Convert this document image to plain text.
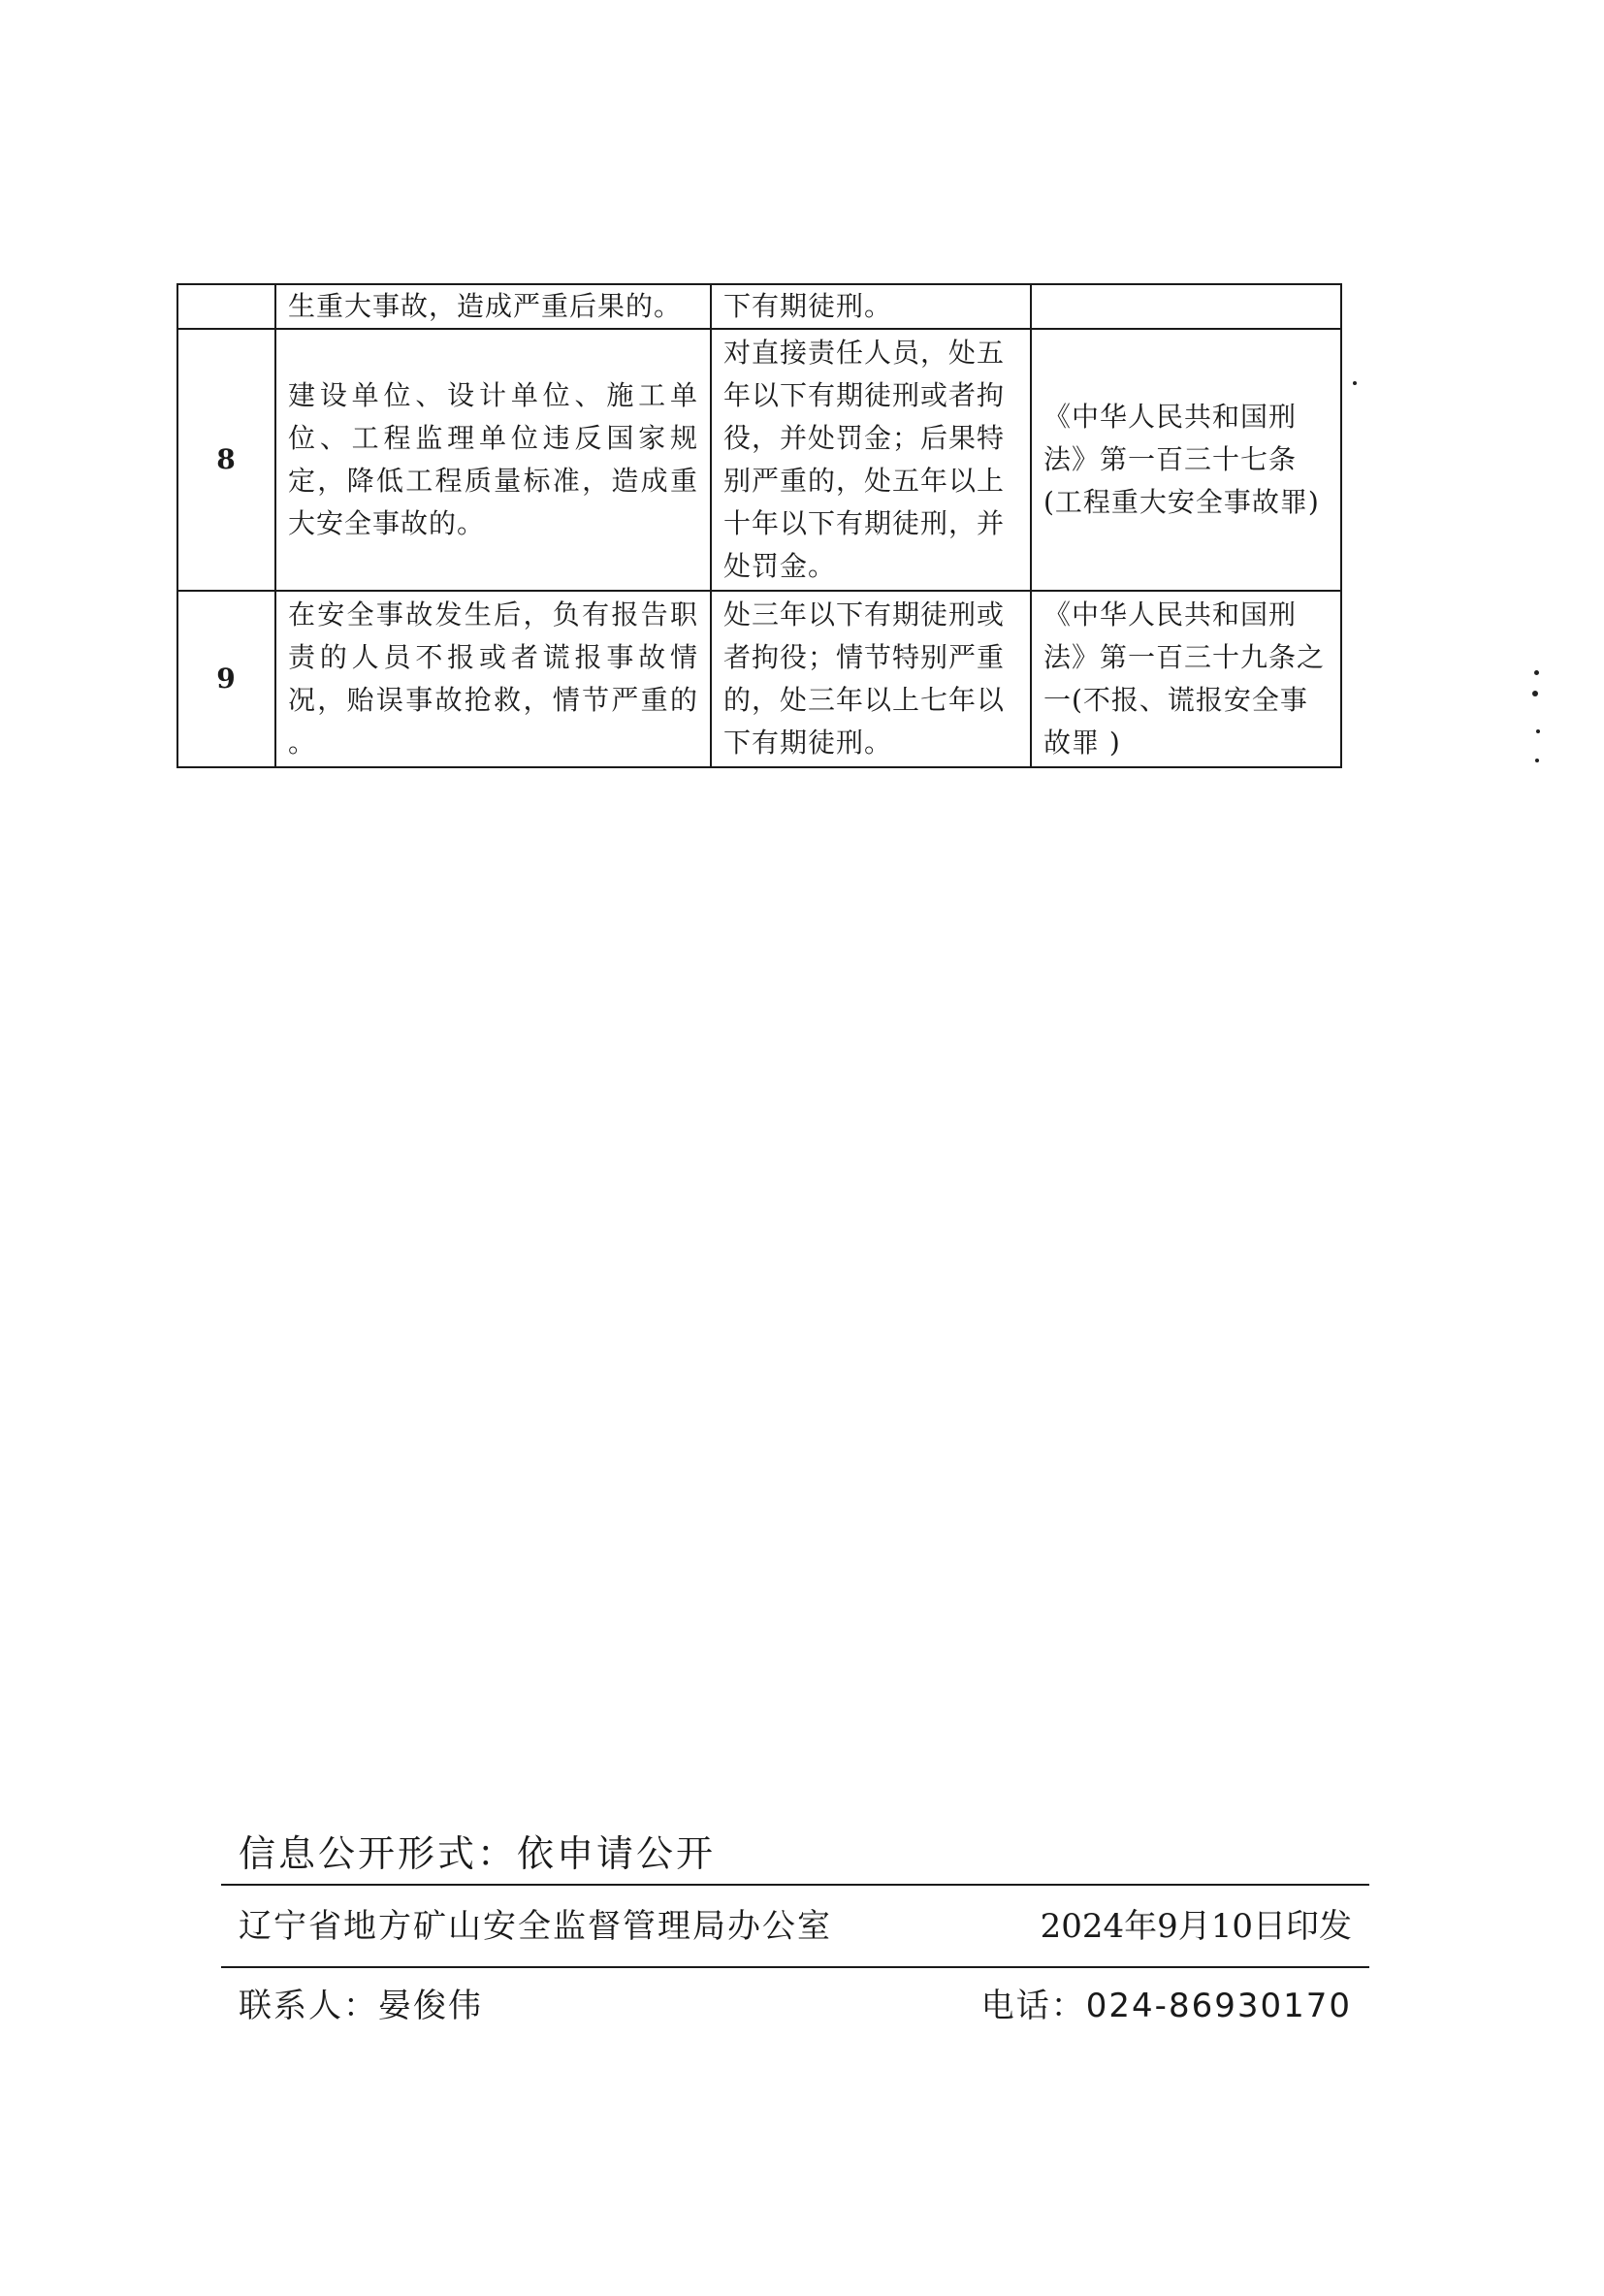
	生重大事故，造成严重后果的。	下有期徒刑。	
8	建设单位、设计单位、施工单位、工程监理单位违反国家规定，降低工程质量标准，造成重大安全事故的。	对直接责任人员，处五年以下有期徒刑或者拘役，并处罚金；后果特别严重的，处五年以上十年以下有期徒刑，并处罚金。	《中华人民共和国刑法》第一百三十七条(工程重大安全事故罪)
9	在安全事故发生后，负有报告职责的人员不报或者谎报事故情况，贻误事故抢救，情节严重的 。	处三年以下有期徒刑或者拘役；情节特别严重的，处三年以上七年以下有期徒刑。	《中华人民共和国刑法》第一百三十九条之一(不报、谎报安全事故罪 )
信息公开形式：依申请公开
辽宁省地方矿山安全监督管理局办公室	2024年9月10日印发
联系人：晏俊伟	电话：024-86930170
